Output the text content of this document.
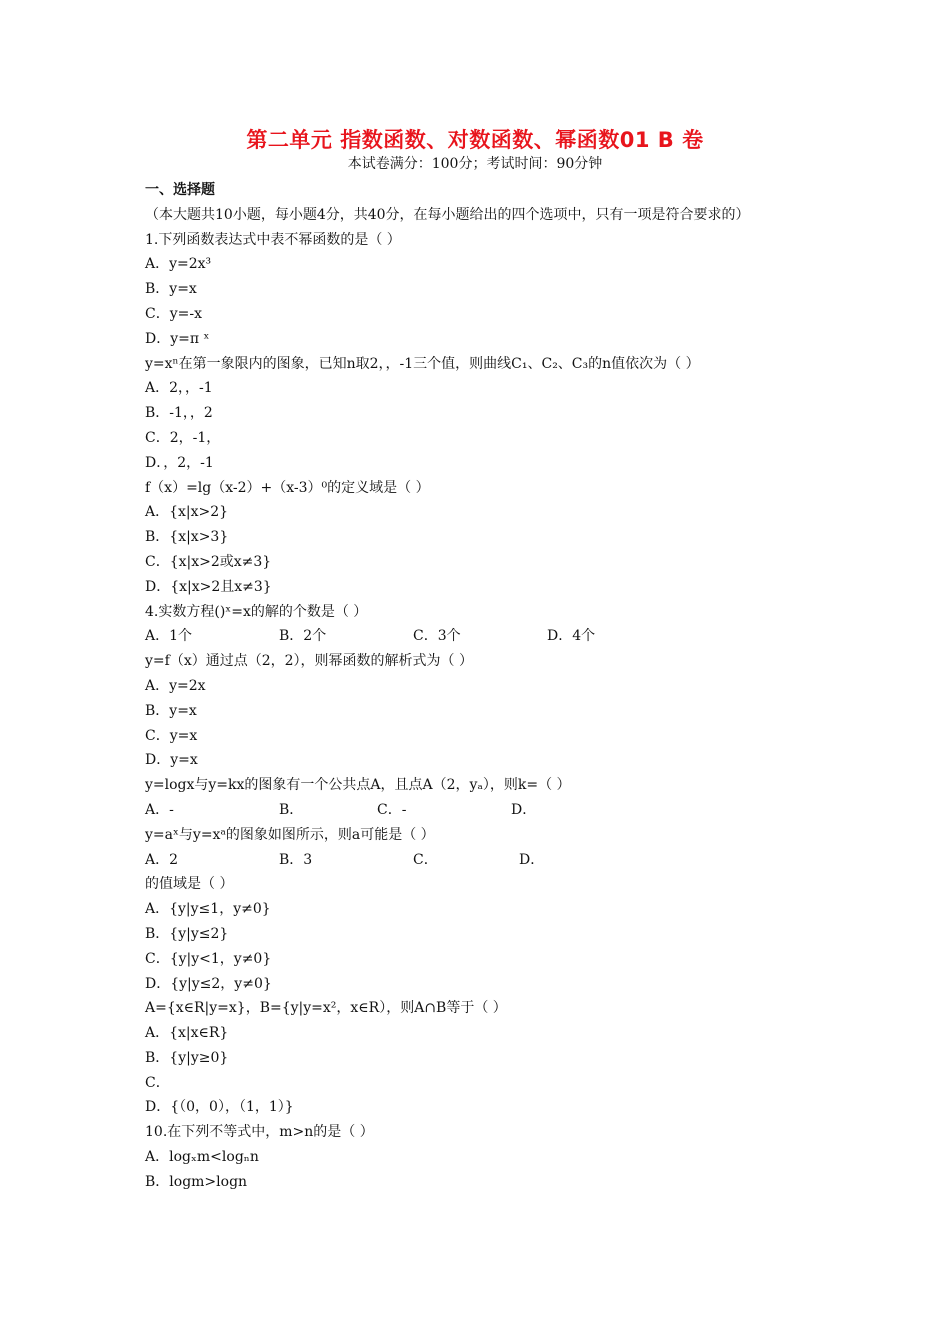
第二单元 指数函数、对数函数、幂函数01 B 卷
本试卷满分：100分；考试时间：90分钟

一、选择题（本大题共10小题，每小题4分，共40分，在每小题给出的四个选项中，只有一项是符合要求的）

1.下列函数表达式中表不幂函数的是（ ）
A．y=2x³
B．y=x
C．y=-x
D．y=π ˣ
y=xⁿ在第一象限内的图象，已知n取2，，-1三个值，则曲线C₁、C₂、C₃的n值依次为（ ）
A．2，，-1
B．-1，，2
C．2，-1，
D．，2，-1
f（x）=lg（x-2）+（x-3）⁰的定义域是（ ）
A．{x|x>2}
B．{x|x>3}
C．{x|x>2或x≠3}
D．{x|x>2且x≠3}
4.实数方程()ˣ=x的解的个数是（ ）
A．1个	B．2个	C．3个	D．4个
y=f（x）通过点（2，2），则幂函数的解析式为（ ）
A．y=2x
B．y=x
C．y=x
D．y=x
y=logx与y=kx的图象有一个公共点A，且点A（2，yₐ），则k=（ ）
A．-	B．	C．-	D．
y=aˣ与y=xᵃ的图象如图所示，则a可能是（ ）
A．2	B．3	C．	D．
的值域是（ ）
A．{y|y≤1，y≠0}
B．{y|y≤2}
C．{y|y<1，y≠0}
D．{y|y≤2，y≠0}
A={x∈R|y=x}，B={y|y=x²，x∈R），则A∩B等于（ ）
A．{x|x∈R}
B．{y|y≥0}
C．
D．{（0，0），（1，1）}
10.在下列不等式中，m>n的是（ ）
A．logₓm<logₙn
B．logm>logn
